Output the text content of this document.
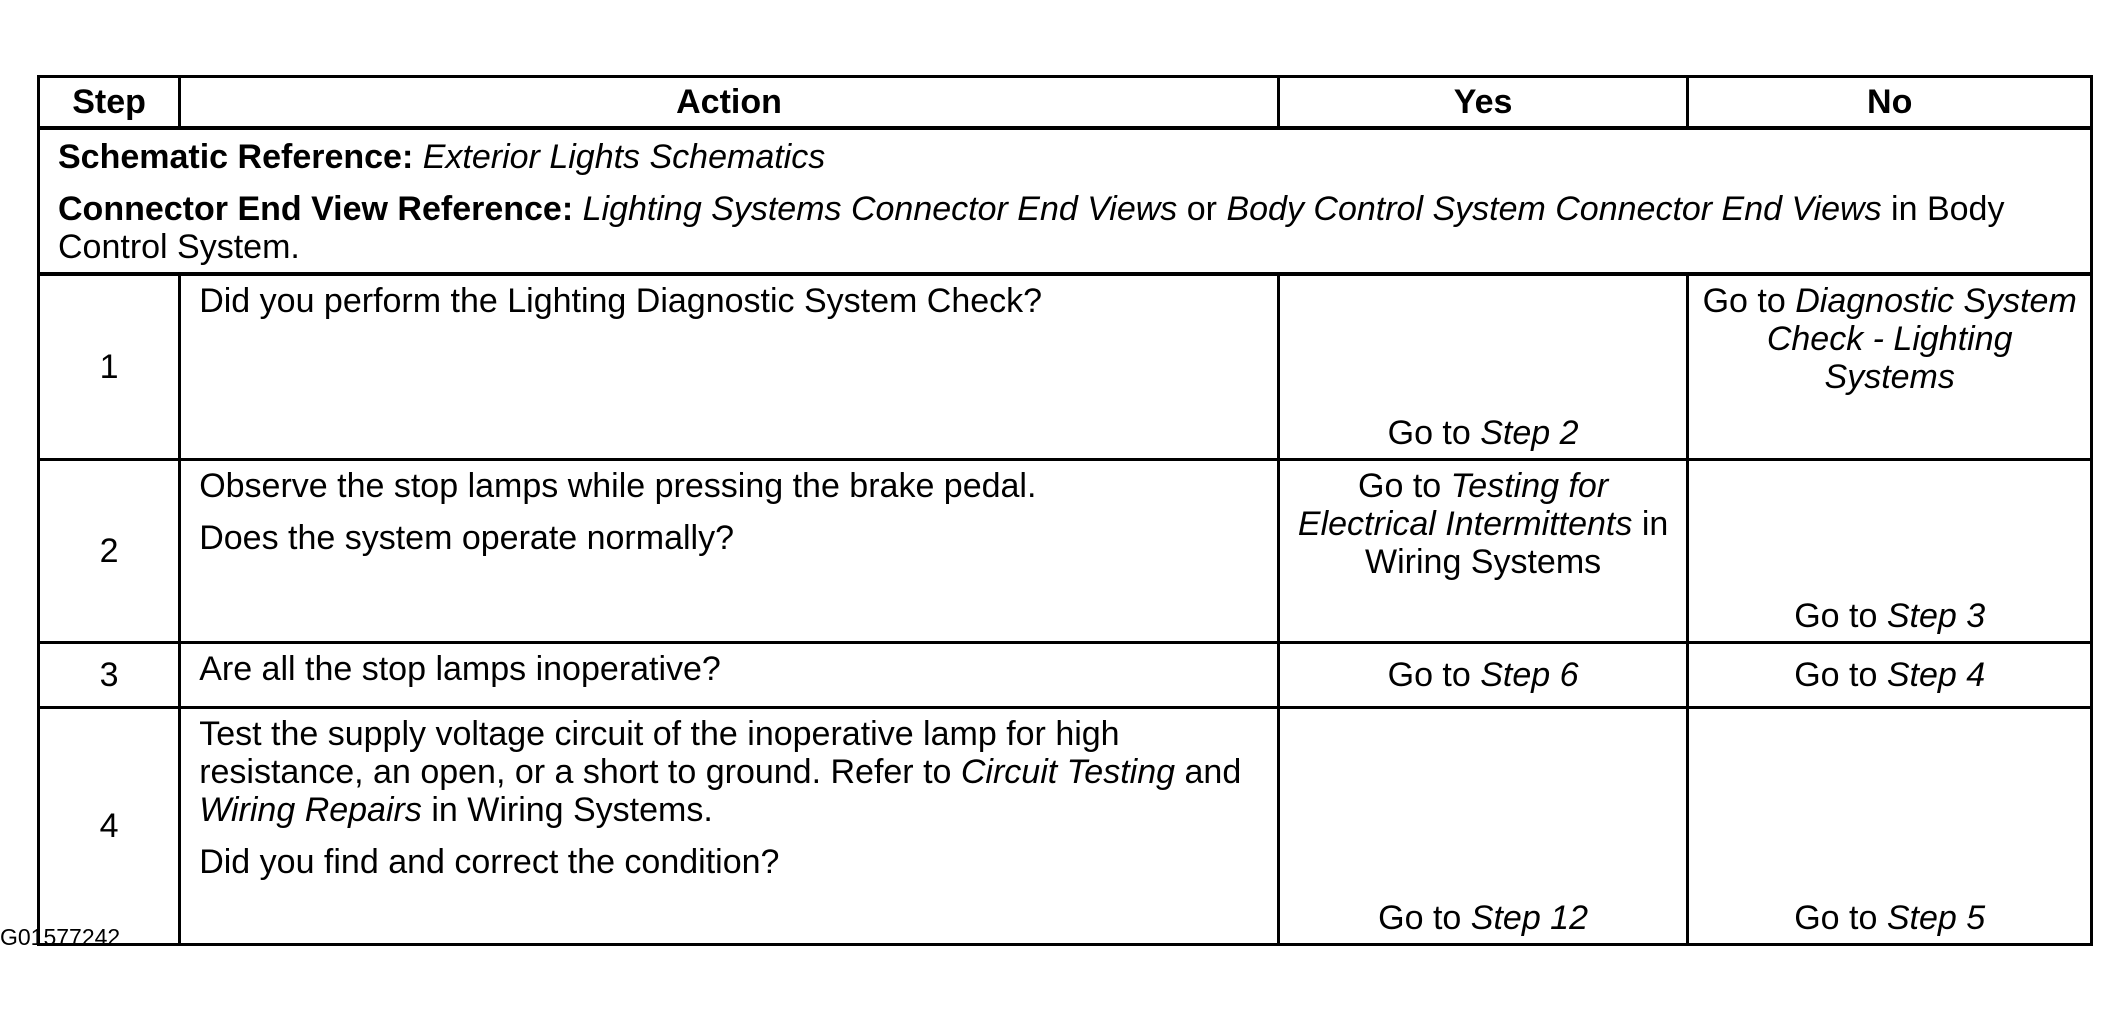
Step	Action	Yes	No

Schematic Reference: Exterior Lights Schematics
Connector End View Reference: Lighting Systems Connector End Views or Body Control System Connector End Views in Body Control System.			

1	Did you perform the Lighting Diagnostic System Check?	Go to Step 2	Go to Diagnostic System Check - Lighting Systems
2	Observe the stop lamps while pressing the brake pedal.

Does the system operate normally?	Go to Testing for Electrical Intermittents in Wiring Systems	Go to Step 3
3	Are all the stop lamps inoperative?	Go to Step 6	Go to Step 4
4	Test the supply voltage circuit of the inoperative lamp for high resistance, an open, or a short to ground. Refer to Circuit Testing and Wiring Repairs in Wiring Systems.

Did you find and correct the condition?	Go to Step 12	Go to Step 5
G01577242
